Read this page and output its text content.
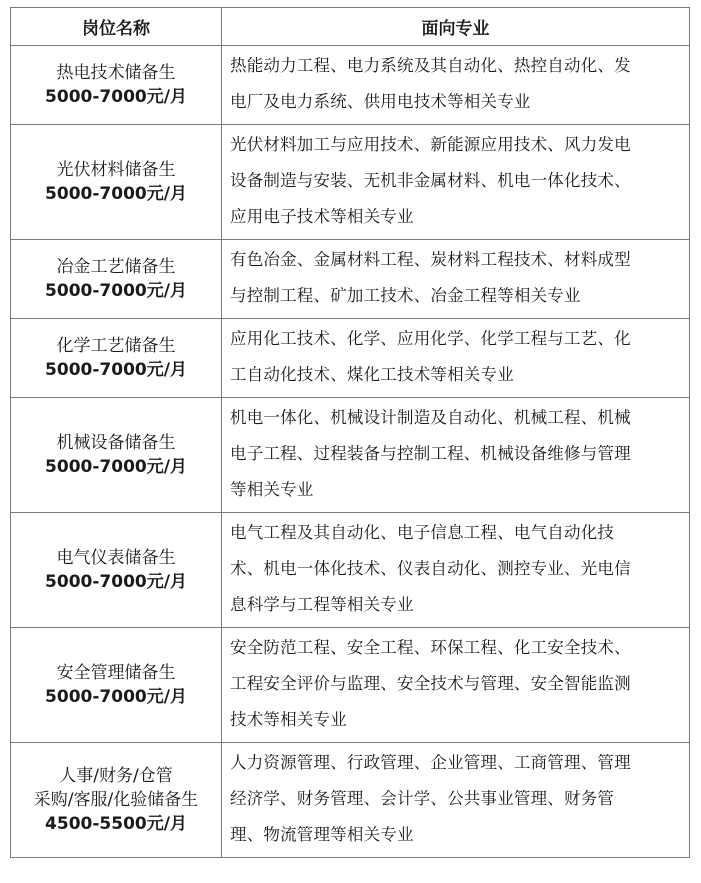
岗位名称	面向专业

热电技术储备生
5000-7000元/月	热能动力工程、电力系统及其自动化、热控自动化、发
电厂及电力系统、供用电技术等相关专业

光伏材料储备生
5000-7000元/月	光伏材料加工与应用技术、新能源应用技术、风力发电
设备制造与安装、无机非金属材料、机电一体化技术、
应用电子技术等相关专业

冶金工艺储备生
5000-7000元/月	有色冶金、金属材料工程、炭材料工程技术、材料成型
与控制工程、矿加工技术、冶金工程等相关专业

化学工艺储备生
5000-7000元/月	应用化工技术、化学、应用化学、化学工程与工艺、化
工自动化技术、煤化工技术等相关专业

机械设备储备生
5000-7000元/月	机电一体化、机械设计制造及自动化、机械工程、机械
电子工程、过程装备与控制工程、机械设备维修与管理
等相关专业

电气仪表储备生
5000-7000元/月	电气工程及其自动化、电子信息工程、电气自动化技
术、机电一体化技术、仪表自动化、测控专业、光电信
息科学与工程等相关专业

安全管理储备生
5000-7000元/月	安全防范工程、安全工程、环保工程、化工安全技术、
工程安全评价与监理、安全技术与管理、安全智能监测
技术等相关专业

人事/财务/仓管
采购/客服/化验储备生
4500-5500元/月	人力资源管理、行政管理、企业管理、工商管理、管理
经济学、财务管理、会计学、公共事业管理、财务管
理、物流管理等相关专业
